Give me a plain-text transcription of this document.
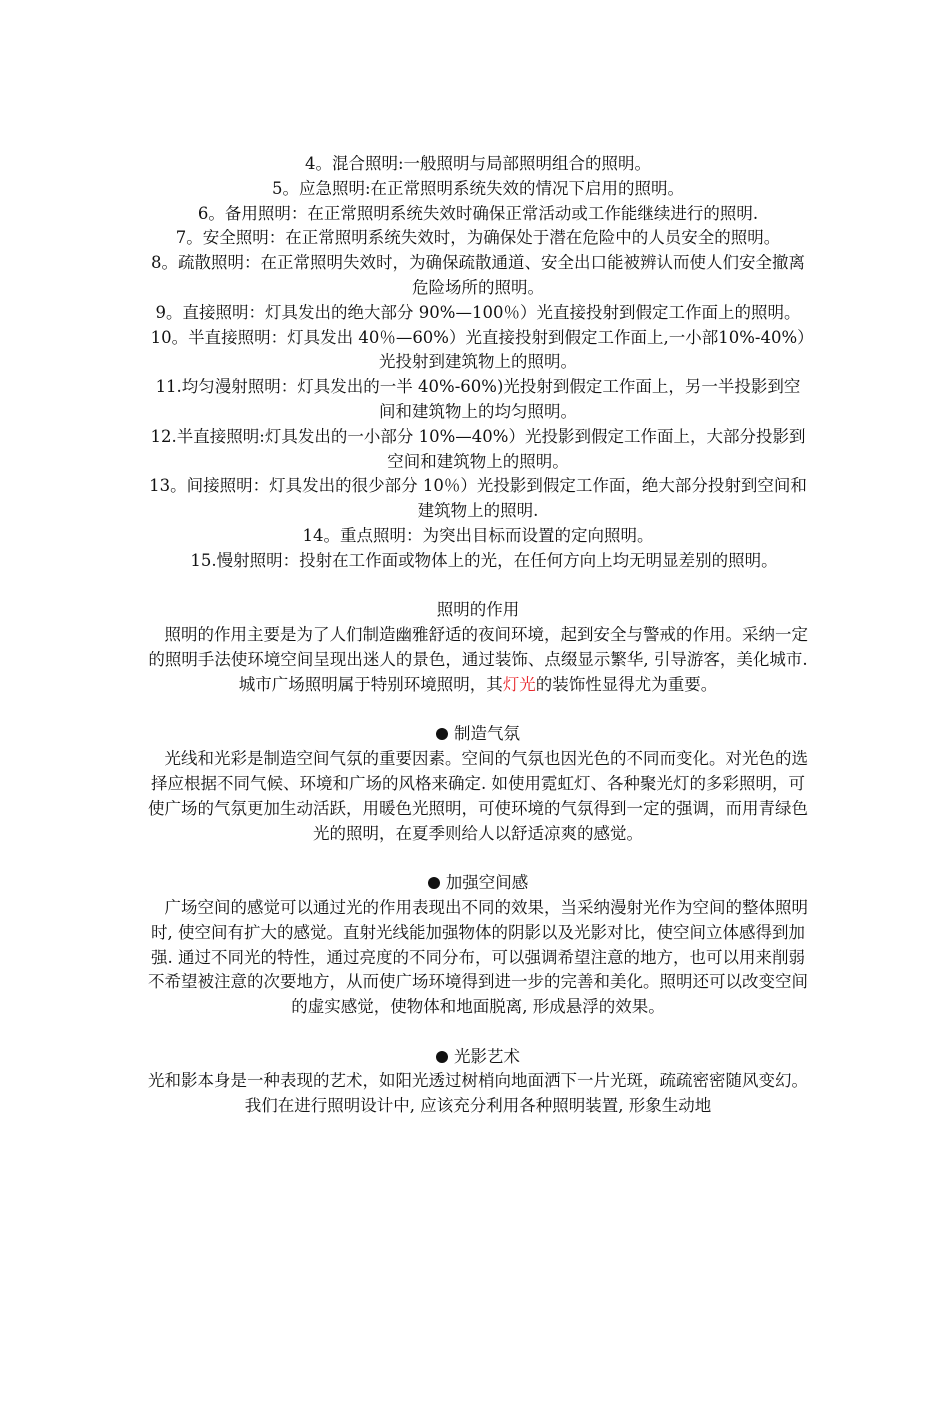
4。混合照明:一般照明与局部照明组合的照明。

5。应急照明:在正常照明系统失效的情况下启用的照明。

6。备用照明：在正常照明系统失效时确保正常活动或工作能继续进行的照明.

7。安全照明：在正常照明系统失效时，为确保处于潜在危险中的人员安全的照明。

8。疏散照明：在正常照明失效时，为确保疏散通道、安全出口能被辨认而使人们安全撤离危险场所的照明。

9。直接照明：灯具发出的绝大部分 90%—100％）光直接投射到假定工作面上的照明。

10。半直接照明：灯具发出 40％—60%）光直接投射到假定工作面上,一小部10%-40%）光投射到建筑物上的照明。

11.均匀漫射照明：灯具发出的一半 40%-60%)光投射到假定工作面上，另一半投影到空间和建筑物上的均匀照明。

12.半直接照明:灯具发出的一小部分 10%—40%）光投影到假定工作面上，大部分投影到空间和建筑物上的照明。

13。间接照明：灯具发出的很少部分 10％）光投影到假定工作面，绝大部分投射到空间和建筑物上的照明.

14。重点照明：为突出目标而设置的定向照明。

15.慢射照明：投射在工作面或物体上的光，在任何方向上均无明显差别的照明。

照明的作用

　照明的作用主要是为了人们制造幽雅舒适的夜间环境，起到安全与警戒的作用。采纳一定的照明手法使环境空间呈现出迷人的景色，通过装饰、点缀显示繁华, 引导游客，美化城市. 城市广场照明属于特别环境照明，其灯光的装饰性显得尤为重要。

制造气氛

　光线和光彩是制造空间气氛的重要因素。空间的气氛也因光色的不同而变化。对光色的选择应根据不同气候、环境和广场的风格来确定. 如使用霓虹灯、各种聚光灯的多彩照明，可使广场的气氛更加生动活跃，用暖色光照明，可使环境的气氛得到一定的强调，而用青绿色光的照明，在夏季则给人以舒适凉爽的感觉。

加强空间感

　广场空间的感觉可以通过光的作用表现出不同的效果，当采纳漫射光作为空间的整体照明时, 使空间有扩大的感觉。直射光线能加强物体的阴影以及光影对比，使空间立体感得到加强. 通过不同光的特性，通过亮度的不同分布，可以强调希望注意的地方，也可以用来削弱不希望被注意的次要地方，从而使广场环境得到进一步的完善和美化。照明还可以改变空间的虚实感觉，使物体和地面脱离, 形成悬浮的效果。

光影艺术

光和影本身是一种表现的艺术，如阳光透过树梢向地面洒下一片光斑，疏疏密密随风变幻。我们在进行照明设计中, 应该充分利用各种照明装置, 形象生动地
